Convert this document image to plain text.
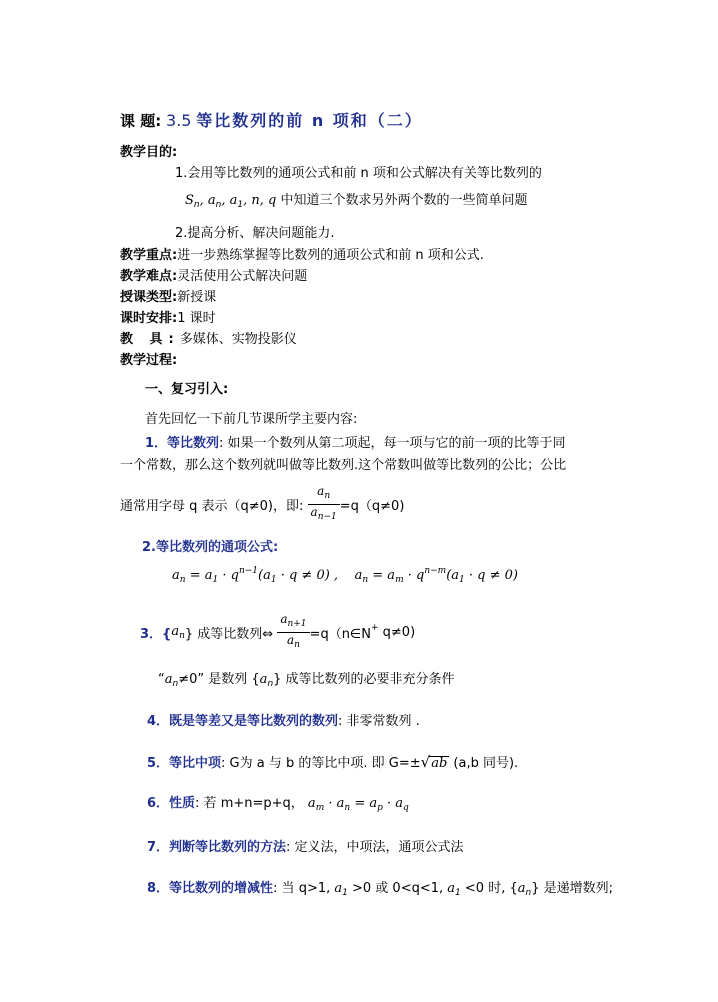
课 题: 3.5 等比数列的前 n 项和（二）
教学目的:
1.会用等比数列的通项公式和前 n 项和公式解决有关等比数列的
$S_n$, $a_n$, $a_1$, n, q 中知道三个数求另外两个数的一些简单问题
2.提高分析、解决问题能力.
教学重点:进一步熟练掌握等比数列的通项公式和前 n 项和公式.
教学难点:灵活使用公式解决问题
授课类型:新授课
课时安排:1 课时
教 具:多媒体、实物投影仪
教学过程:
一、复习引入:
首先回忆一下前几节课所学主要内容:
1．等比数列: 如果一个数列从第二项起，每一项与它的前一项的比等于同
一个常数，那么这个数列就叫做等比数列.这个常数叫做等比数列的公比；公比
通常用字母 q 表示（q≠0)，即: $\frac{a_n}{a_{n-1}} =q(q\ne 0)$
2.等比数列的通项公式:
$a_n = a_1 \cdot q^{n-1}(a_1 \cdot q \ne 0)$ ,    $a_n = a_m \cdot q^{n-m}(a_1 \cdot q \ne 0)$
3．$\{a_n\}$ 成等比数列⇔ $\frac{a_{n+1}}{a_n}$ =q（n∈N+ q≠0)
“$a_n\ne 0$” 是数列 $\{a_n\}$ 成等比数列的必要非充分条件
4．既是等差又是等比数列的数列: 非零常数列 .
5．等比中项: G为 a 与 b 的等比中项. 即 G=±√ab (a,b 同号).
6．性质: 若 m+n=p+q， $a_m \cdot a_n = a_p \cdot a_q$
7．判断等比数列的方法: 定义法，中项法，通项公式法
8．等比数列的增减性: 当 q>1, $a_1 >0$ 或 0<q<1, $a_1 <0$ 时, $\{a_n\}$ 是递增数列;
